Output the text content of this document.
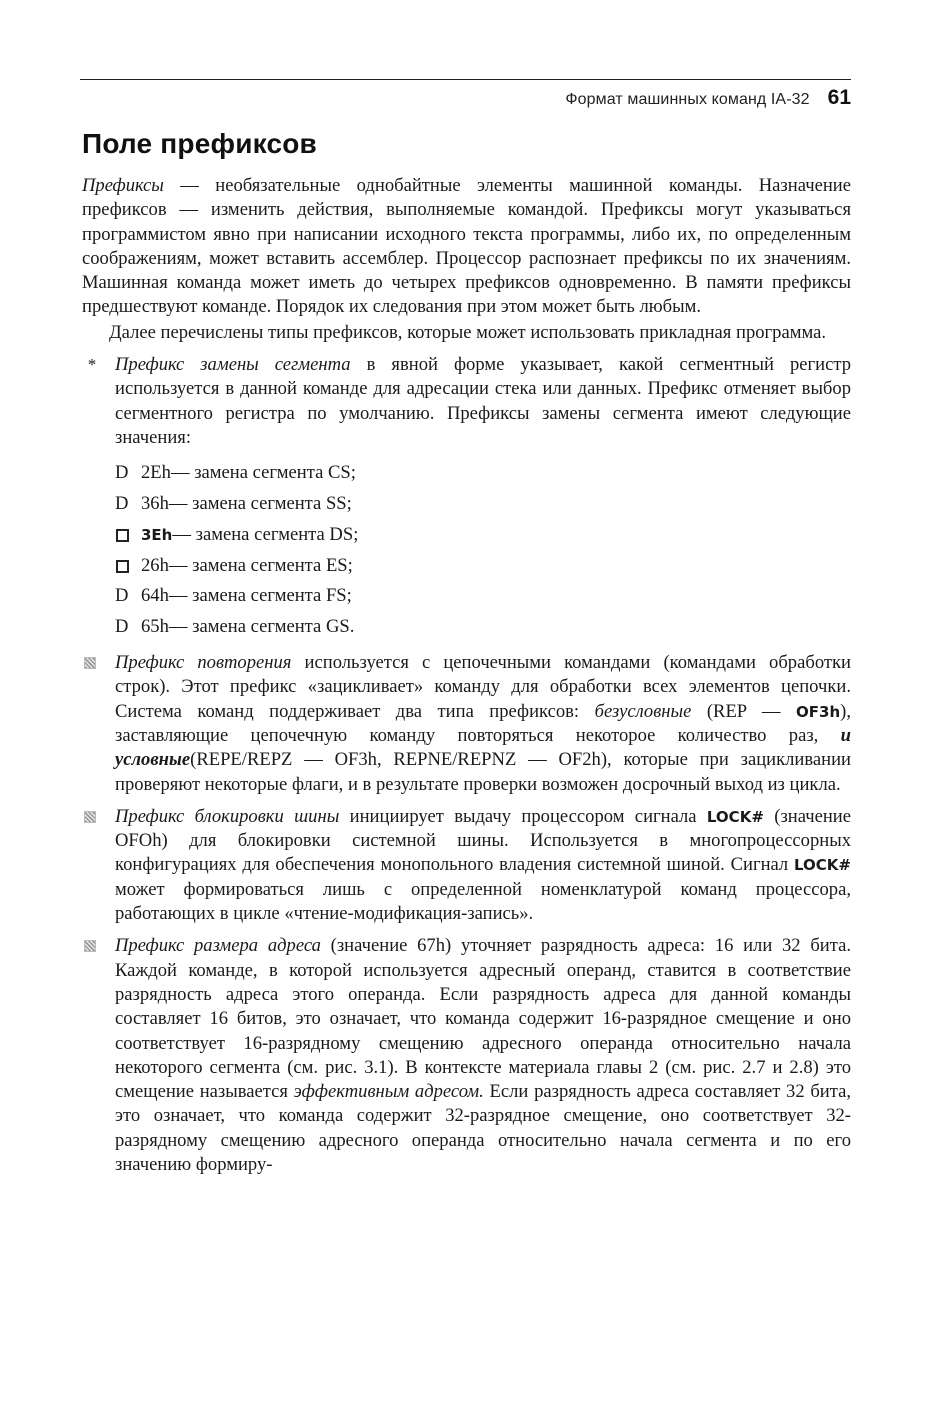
Формат машинных команд IA-32 61
Поле префиксов

Префиксы — необязательные однобайтные элементы машинной команды. Назначение префиксов — изменить действия, выполняемые командой. Префиксы могут указываться программистом явно при написании исходного текста программы, либо их, по определенным соображениям, может вставить ассемблер. Процессор распознает префиксы по их значениям. Машинная команда может иметь до четырех префиксов одновременно. В памяти префиксы предшествуют команде. Порядок их следования при этом может быть любым.

Далее перечислены типы префиксов, которые может использовать прикладная программа.

*	Префикс замены сегмента в явной форме указывает, какой сегментный регистр используется в данной команде для адресации стека или данных. Префикс отменяет выбор сегментного регистра по умолчанию. Префиксы замены сегмента имеют следующие значения:
D 2Eh — замена сегмента CS;
D 36h — замена сегмента SS;
3Eh — замена сегмента DS;
26h — замена сегмента ES;
D 64h — замена сегмента FS;
D 65h — замена сегмента GS.
Префикс повторения используется с цепочечными командами (командами обработки строк). Этот префикс «зацикливает» команду для обработки всех элементов цепочки. Система команд поддерживает два типа префиксов: безусловные (REP — OF3h), заставляющие цепочечную команду повторяться некоторое количество раз, и условные(REPE/REPZ — OF3h, REPNE/REPNZ — OF2h), которые при зацикливании проверяют некоторые флаги, и в результате проверки возможен досрочный выход из цикла.
Префикс блокировки шины инициирует выдачу процессором сигнала LOCK# (значение OFOh) для блокировки системной шины. Используется в многопроцессорных конфигурациях для обеспечения монопольного владения системной шиной. Сигнал LOCK# может формироваться лишь с определенной номенклатурой команд процессора, работающих в цикле «чтение-модификация-запись».
Префикс размера адреса (значение 67h) уточняет разрядность адреса: 16 или 32 бита. Каждой команде, в которой используется адресный операнд, ставится в соответствие разрядность адреса этого операнда. Если разрядность адреса для данной команды составляет 16 битов, это означает, что команда содержит 16-разрядное смещение и оно соответствует 16-разрядному смещению адресного операнда относительно начала некоторого сегмента (см. рис. 3.1). В контексте материала главы 2 (см. рис. 2.7 и 2.8) это смещение называется эффективным адресом. Если разрядность адреса составляет 32 бита, это означает, что команда содержит 32-разрядное смещение, оно соответствует 32-разрядному смещению адресного операнда относительно начала сегмента и по его значению формиру-
